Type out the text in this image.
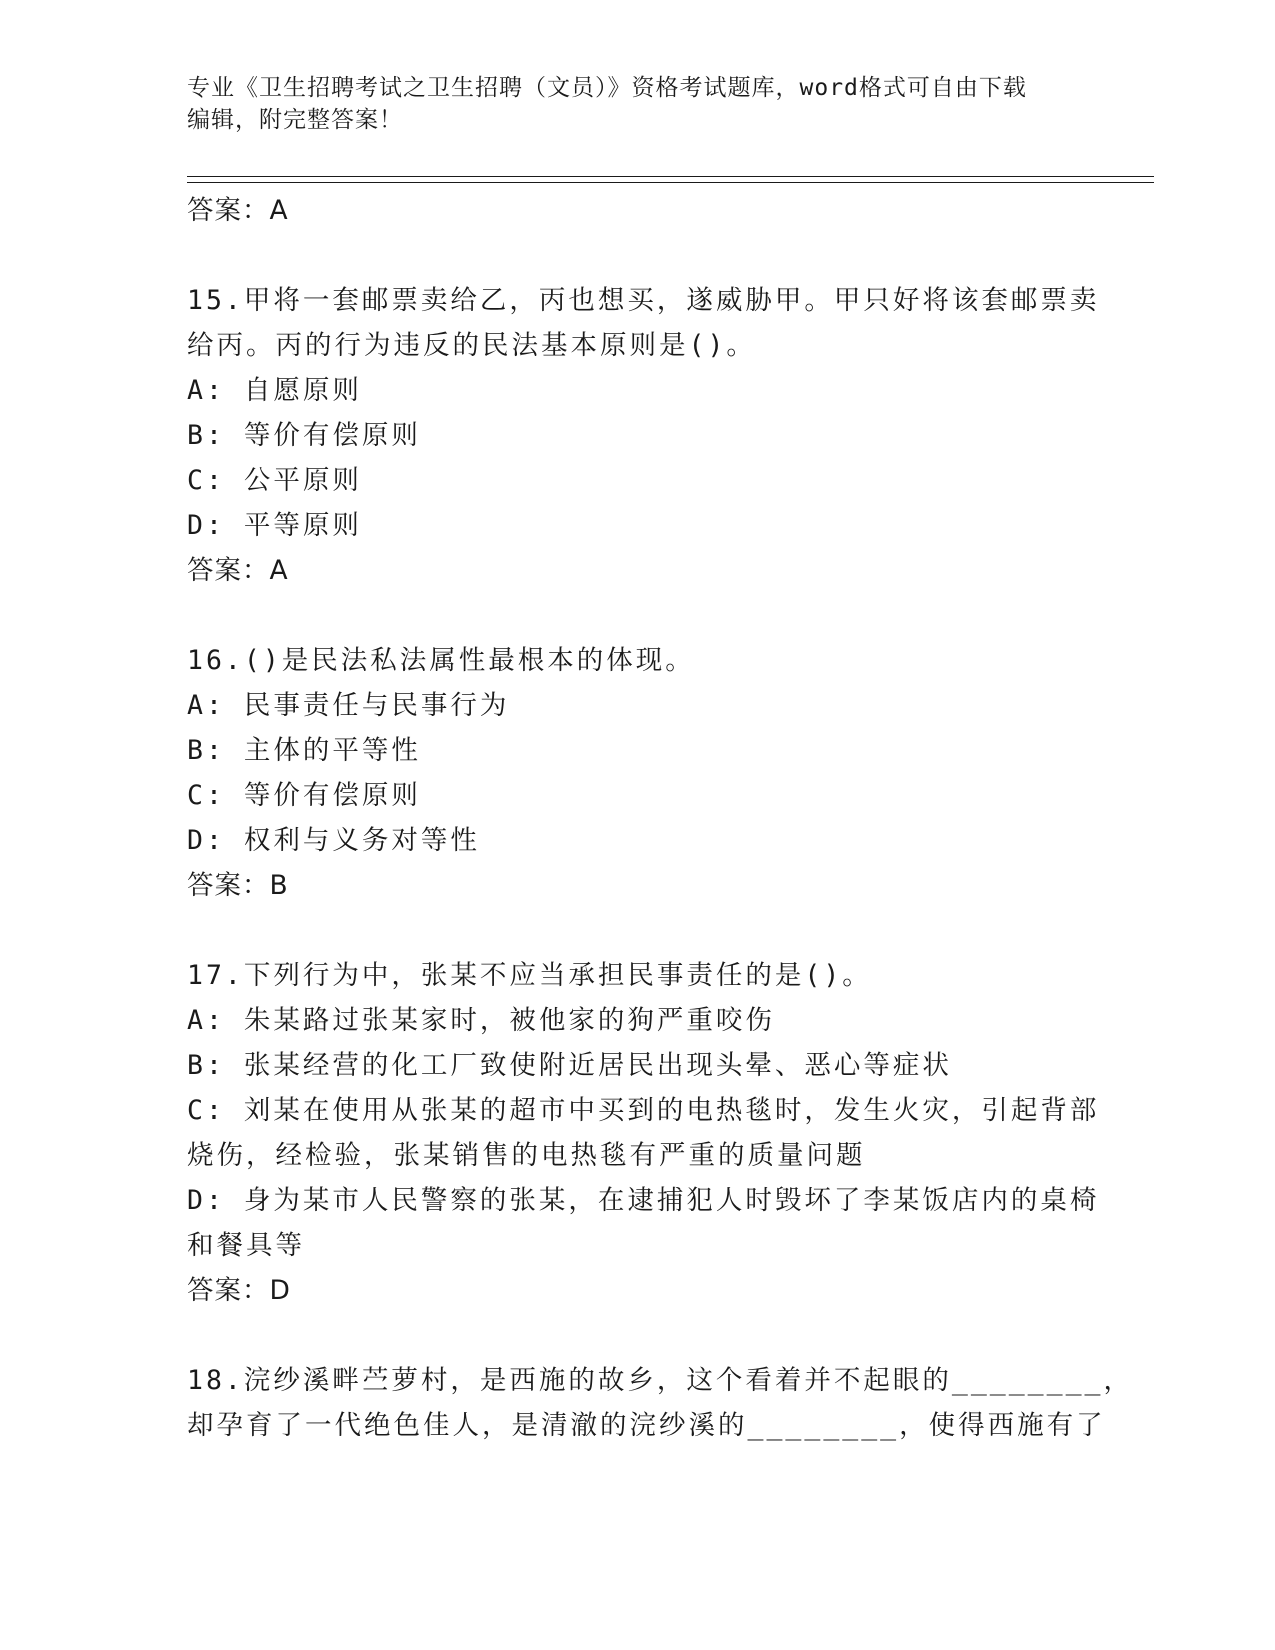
专业《卫生招聘考试之卫生招聘（文员）》资格考试题库，word格式可自由下载
编辑，附完整答案！
答案：A
15.甲将一套邮票卖给乙，丙也想买，遂威胁甲。甲只好将该套邮票卖
给丙。丙的行为违反的民法基本原则是()。
A: 自愿原则
B: 等价有偿原则
C: 公平原则
D: 平等原则
答案：A
16.()是民法私法属性最根本的体现。
A: 民事责任与民事行为
B: 主体的平等性
C: 等价有偿原则
D: 权利与义务对等性
答案：B
17.下列行为中，张某不应当承担民事责任的是()。
A: 朱某路过张某家时，被他家的狗严重咬伤
B: 张某经营的化工厂致使附近居民出现头晕、恶心等症状
C: 刘某在使用从张某的超市中买到的电热毯时，发生火灾，引起背部
烧伤，经检验，张某销售的电热毯有严重的质量问题
D: 身为某市人民警察的张某，在逮捕犯人时毁坏了李某饭店内的桌椅
和餐具等
答案：D
18.浣纱溪畔苎萝村，是西施的故乡，这个看着并不起眼的________，
却孕育了一代绝色佳人，是清澈的浣纱溪的________，使得西施有了
